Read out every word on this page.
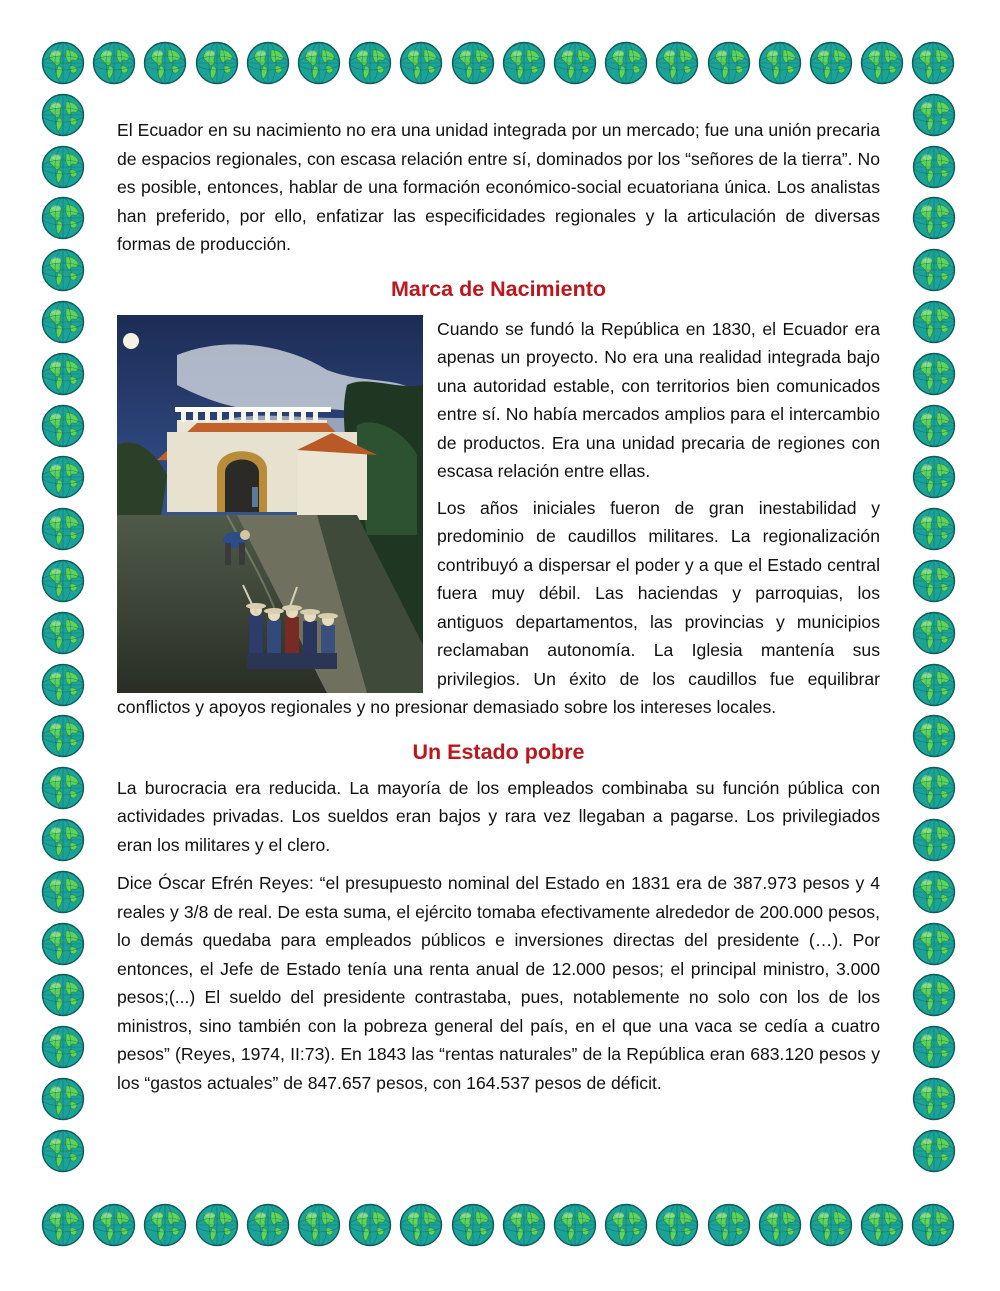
El Ecuador en su nacimiento no era una unidad integrada por un mercado; fue una unión precaria de espacios regionales, con escasa relación entre sí, dominados por los “señores de la tierra”. No es posible, entonces, hablar de una formación económico-social ecuatoriana única. Los analistas han preferido, por ello, enfatizar las especificidades regionales y la articulación de diversas formas de producción.

Marca de Nacimiento

Cuando se fundó la República en 1830, el Ecuador era apenas un proyecto. No era una realidad integrada bajo una autoridad estable, con territorios bien comunicados entre sí. No había mercados amplios para el intercambio de productos. Era una unidad precaria de regiones con escasa relación entre ellas.

Los años iniciales fueron de gran inestabilidad y predominio de caudillos militares. La regionalización contribuyó a dispersar el poder y a que el Estado central fuera muy débil. Las haciendas y parroquias, los antiguos departamentos, las provincias y municipios reclamaban autonomía. La Iglesia mantenía sus privilegios. Un éxito de los caudillos fue equilibrar conflictos y apoyos regionales y no presionar demasiado sobre los intereses locales.

Un Estado pobre

La burocracia era reducida. La mayoría de los empleados combinaba su función pública con actividades privadas. Los sueldos eran bajos y rara vez llegaban a pagarse. Los privilegiados eran los militares y el clero.

Dice Óscar Efrén Reyes: “el presupuesto nominal del Estado en 1831 era de 387.973 pesos y 4 reales y 3/8 de real. De esta suma, el ejército tomaba efectivamente alrededor de 200.000 pesos, lo demás quedaba para empleados públicos e inversiones directas del presidente (…). Por entonces, el Jefe de Estado tenía una renta anual de 12.000 pesos; el principal ministro, 3.000 pesos;(...) El sueldo del presidente contrastaba, pues, notablemente no solo con los de los ministros, sino también con la pobreza general del país, en el que una vaca se cedía a cuatro pesos” (Reyes, 1974, II:73). En 1843 las “rentas naturales” de la República eran 683.120 pesos y los “gastos actuales” de 847.657 pesos, con 164.537 pesos de déficit.
